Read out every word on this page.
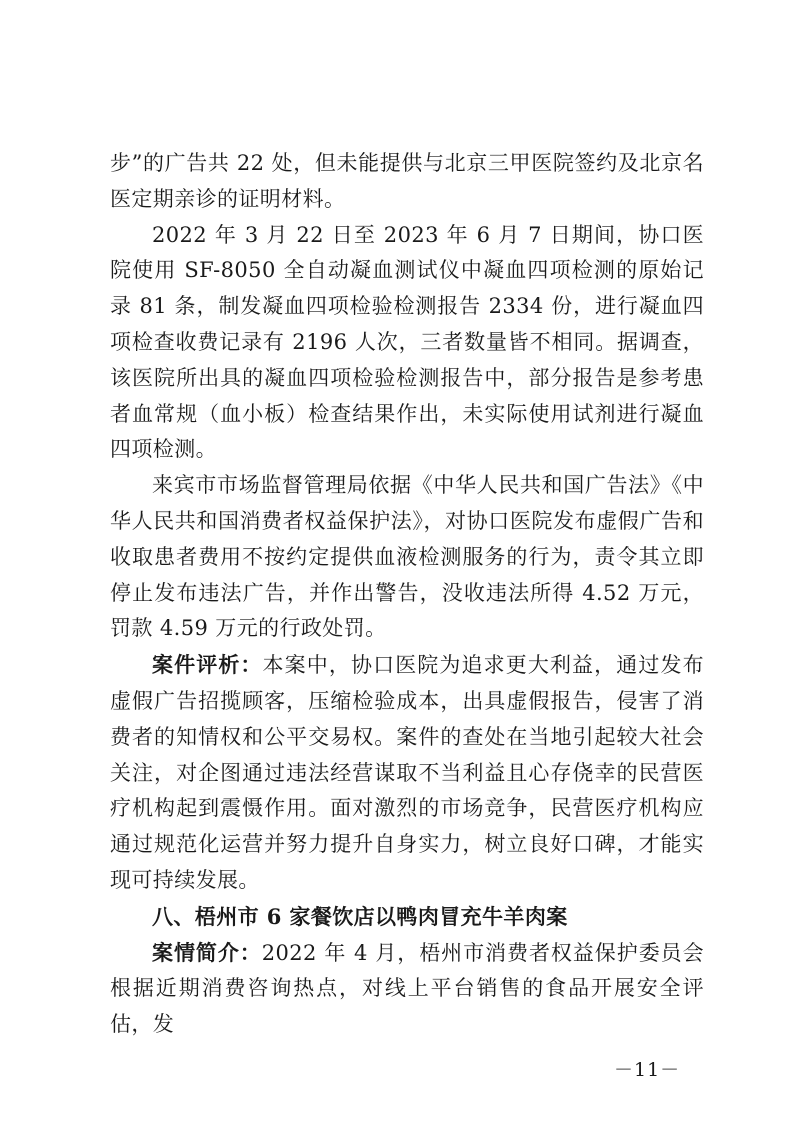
步”的广告共 22 处，但未能提供与北京三甲医院签约及北京名医定期亲诊的证明材料。

2022 年 3 月 22 日至 2023 年 6 月 7 日期间，协口医院使用 SF-8050 全自动凝血测试仪中凝血四项检测的原始记录 81 条，制发凝血四项检验检测报告 2334 份，进行凝血四项检查收费记录有 2196 人次，三者数量皆不相同。据调查，该医院所出具的凝血四项检验检测报告中，部分报告是参考患者血常规（血小板）检查结果作出，未实际使用试剂进行凝血四项检测。

来宾市市场监督管理局依据《中华人民共和国广告法》《中华人民共和国消费者权益保护法》，对协口医院发布虚假广告和收取患者费用不按约定提供血液检测服务的行为，责令其立即停止发布违法广告，并作出警告，没收违法所得 4.52 万元，罚款 4.59 万元的行政处罚。

案件评析：本案中，协口医院为追求更大利益，通过发布虚假广告招揽顾客，压缩检验成本，出具虚假报告，侵害了消费者的知情权和公平交易权。案件的查处在当地引起较大社会关注，对企图通过违法经营谋取不当利益且心存侥幸的民营医疗机构起到震慑作用。面对激烈的市场竞争，民营医疗机构应通过规范化运营并努力提升自身实力，树立良好口碑，才能实现可持续发展。

八、梧州市 6 家餐饮店以鸭肉冒充牛羊肉案

案情简介：2022 年 4 月，梧州市消费者权益保护委员会根据近期消费咨询热点，对线上平台销售的食品开展安全评估，发

－11－
